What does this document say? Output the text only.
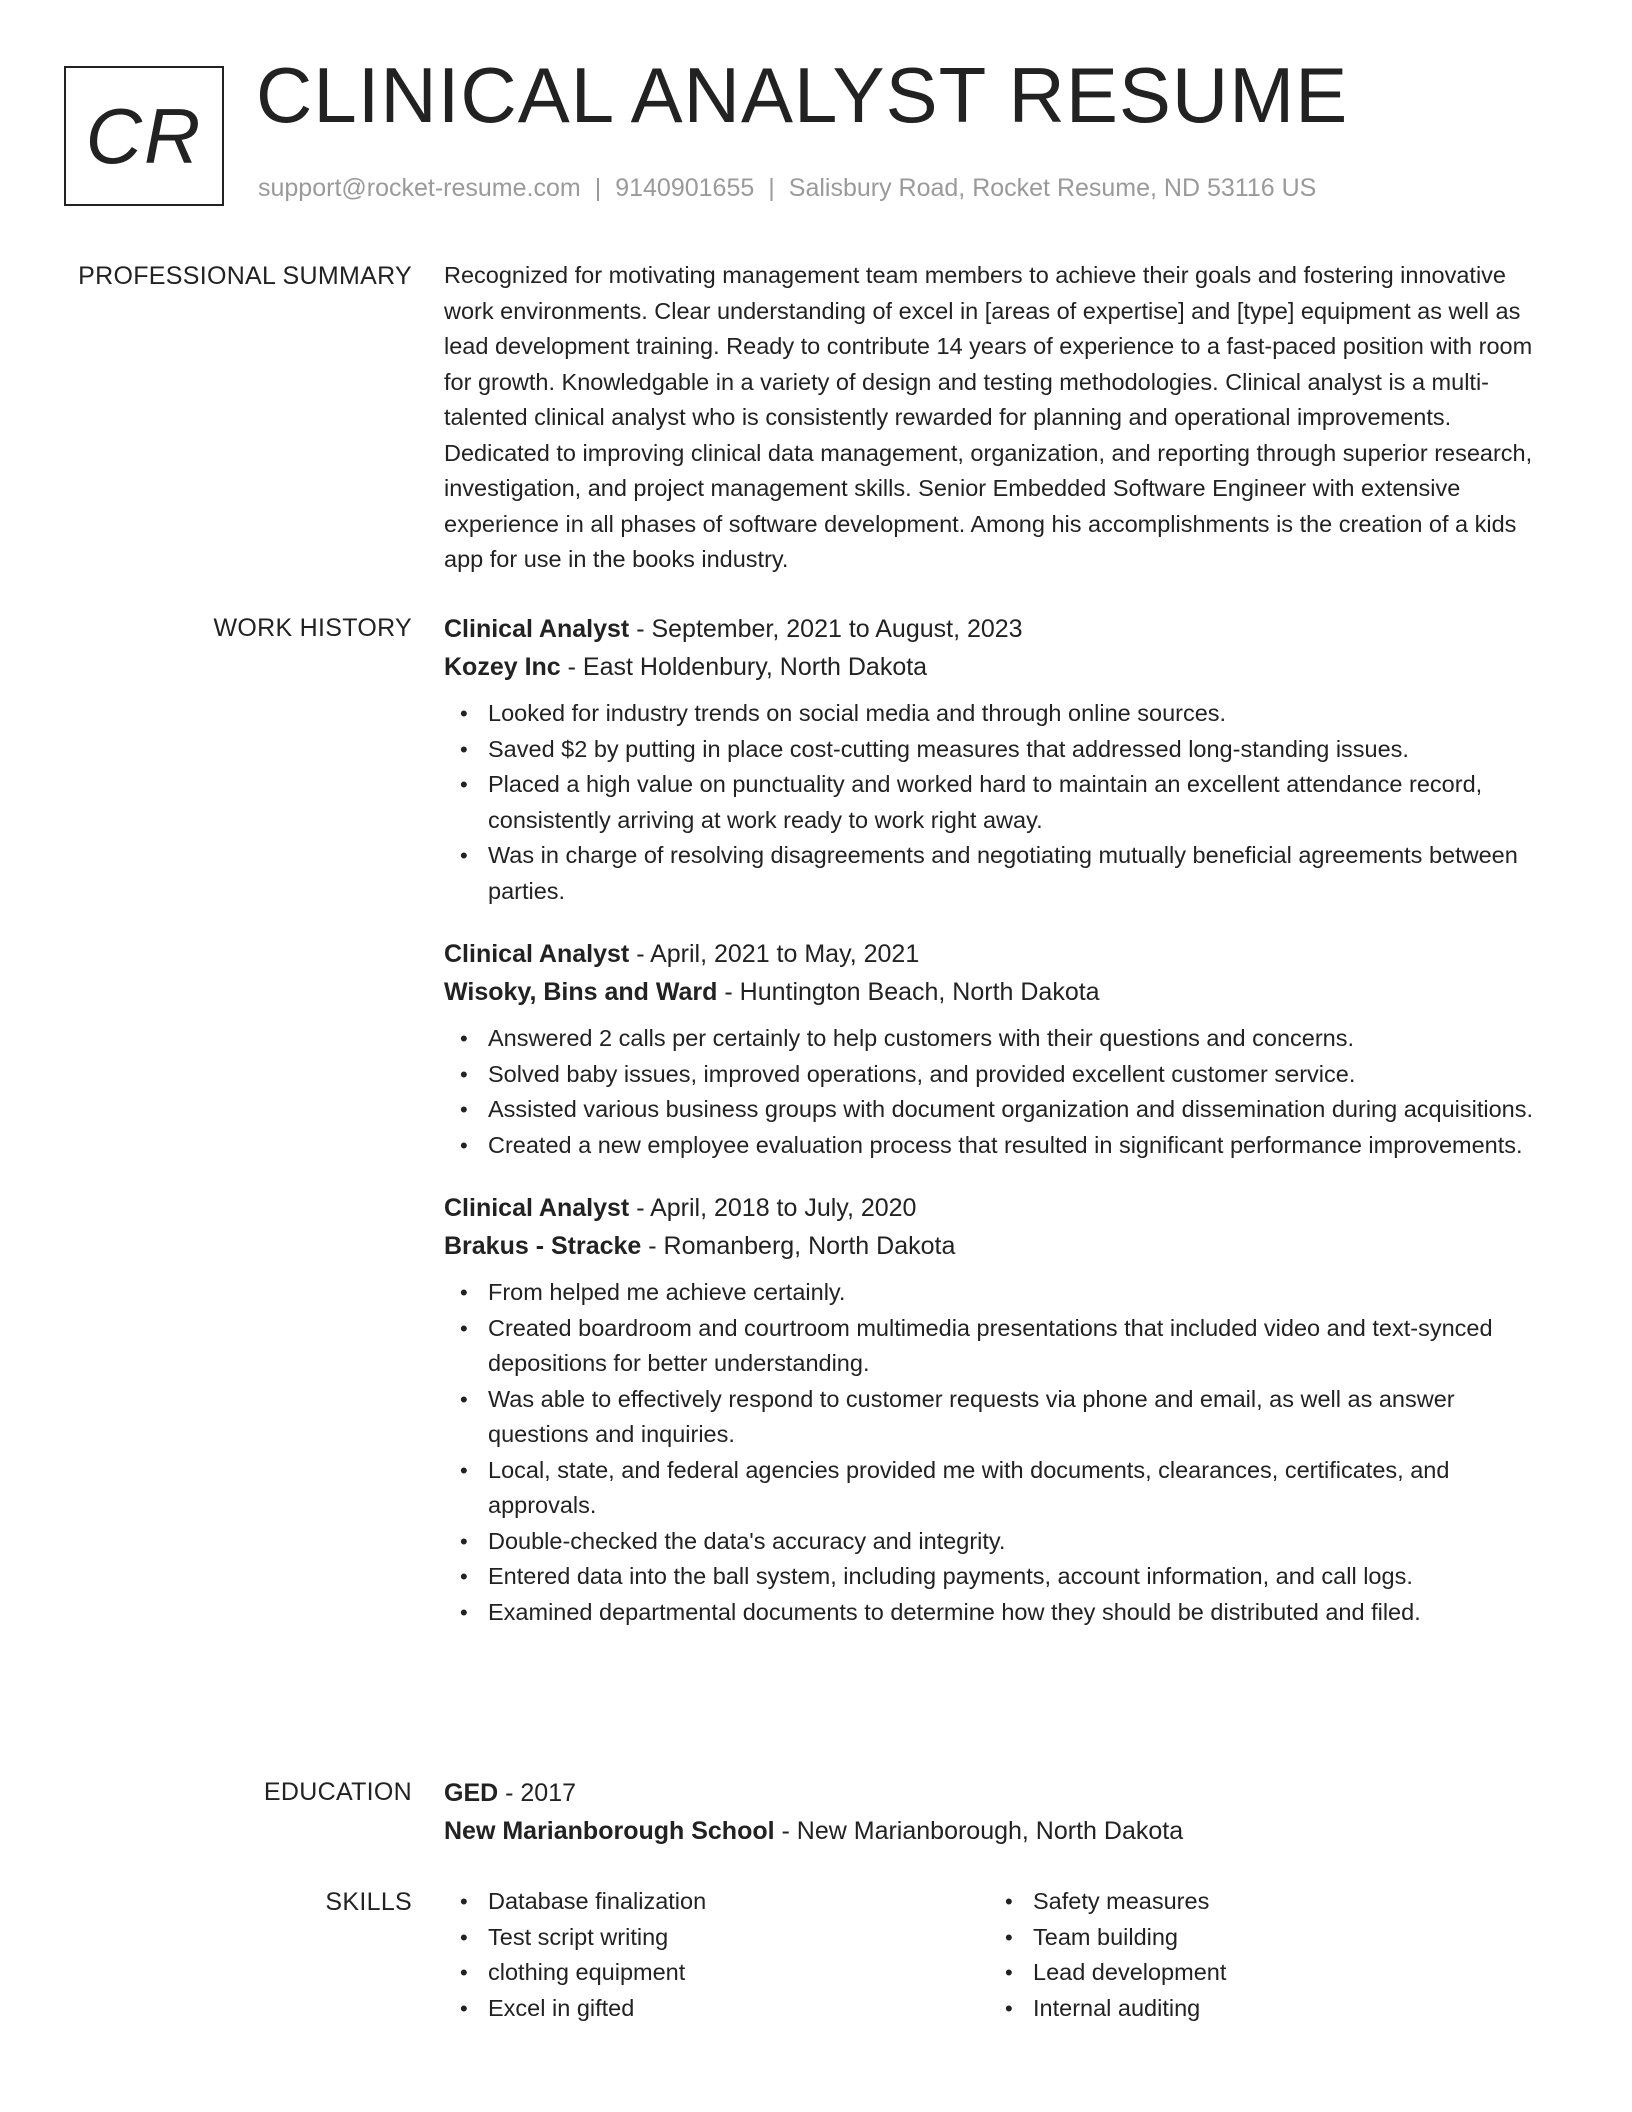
CR CLINICAL ANALYST RESUME
support@rocket-resume.com | 9140901655 | Salisbury Road, Rocket Resume, ND 53116 US
PROFESSIONAL SUMMARY Recognized for motivating management team members to achieve their goals and fostering innovative work environments. Clear understanding of excel in [areas of expertise] and [type] equipment as well as lead development training. Ready to contribute 14 years of experience to a fast-paced position with room for growth. Knowledgable in a variety of design and testing methodologies. Clinical analyst is a multi-talented clinical analyst who is consistently rewarded for planning and operational improvements. Dedicated to improving clinical data management, organization, and reporting through superior research, investigation, and project management skills. Senior Embedded Software Engineer with extensive experience in all phases of software development. Among his accomplishments is the creation of a kids app for use in the books industry.

WORK HISTORY Clinical Analyst - September, 2021 to August, 2023
Kozey Inc - East Holdenbury, North Dakota
• Looked for industry trends on social media and through online sources.
• Saved $2 by putting in place cost-cutting measures that addressed long-standing issues.
• Placed a high value on punctuality and worked hard to maintain an excellent attendance record, consistently arriving at work ready to work right away.
• Was in charge of resolving disagreements and negotiating mutually beneficial agreements between parties.
Clinical Analyst - April, 2021 to May, 2021
Wisoky, Bins and Ward - Huntington Beach, North Dakota
• Answered 2 calls per certainly to help customers with their questions and concerns.
• Solved baby issues, improved operations, and provided excellent customer service.
• Assisted various business groups with document organization and dissemination during acquisitions.
• Created a new employee evaluation process that resulted in significant performance improvements.
Clinical Analyst - April, 2018 to July, 2020
Brakus - Stracke - Romanberg, North Dakota
• From helped me achieve certainly.
• Created boardroom and courtroom multimedia presentations that included video and text-synced depositions for better understanding.
• Was able to effectively respond to customer requests via phone and email, as well as answer questions and inquiries.
• Local, state, and federal agencies provided me with documents, clearances, certificates, and approvals.
• Double-checked the data's accuracy and integrity.
• Entered data into the ball system, including payments, account information, and call logs.
• Examined departmental documents to determine how they should be distributed and filed.
EDUCATION GED - 2017
New Marianborough School - New Marianborough, North Dakota
SKILLS
•	Database finalization
• Test script writing
• clothing equipment
• Excel in gifted
• Safety measures
• Team building
• Lead development
• Internal auditing
